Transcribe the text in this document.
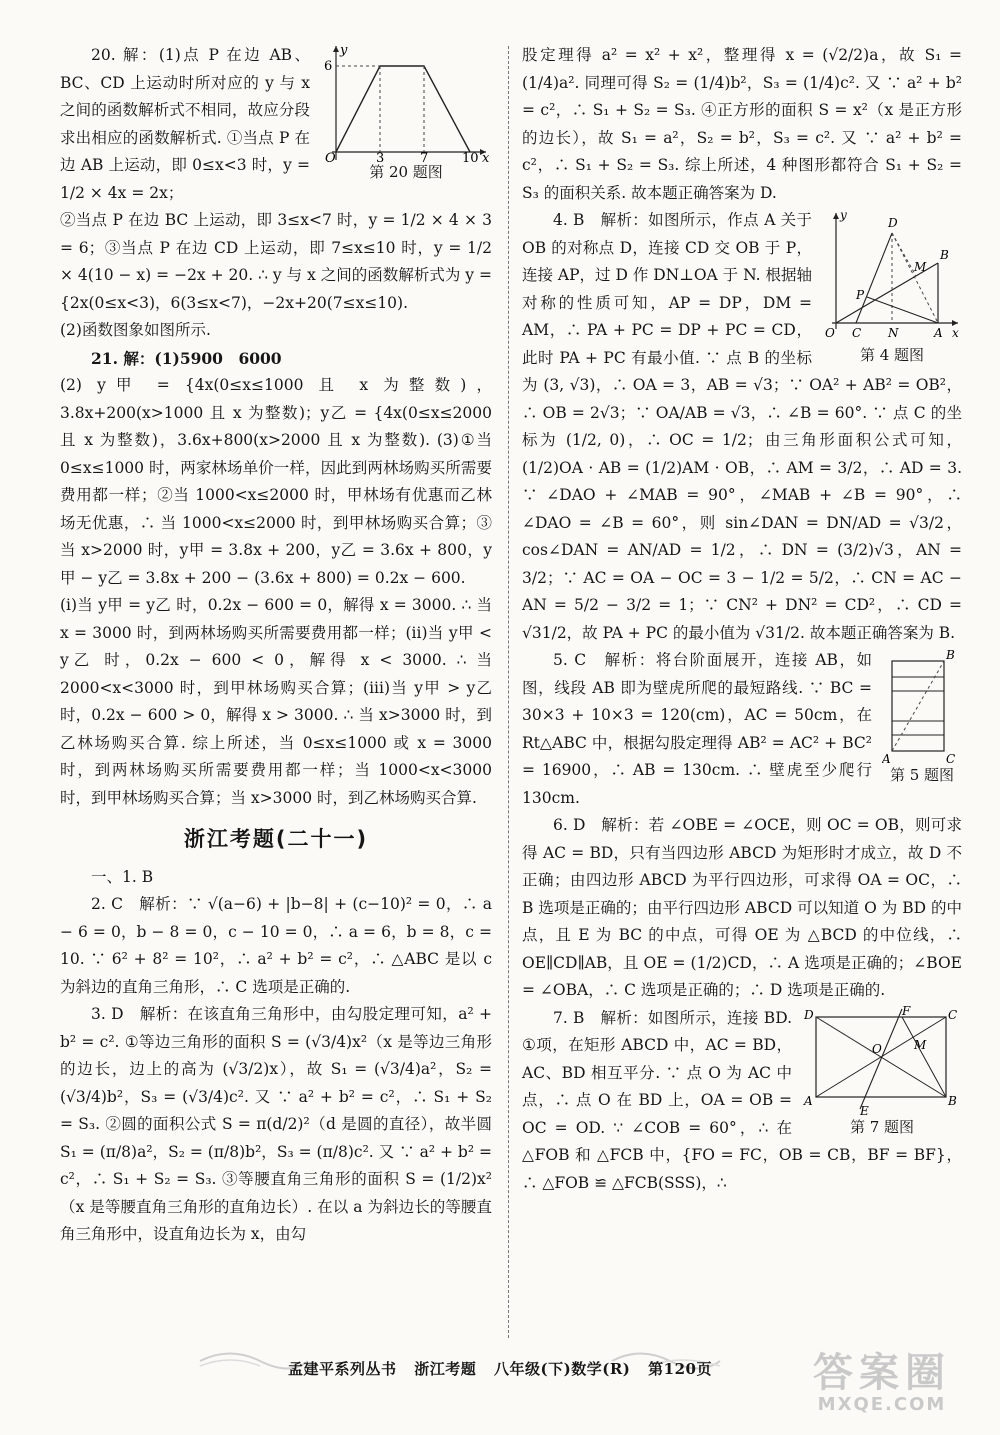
6
y
O	3	7	10 x
第 20 题图

20. 解：(1)点 P 在边 AB、BC、CD 上运动时所对应的 y 与 x 之间的函数解析式不相同，故应分段求出相应的函数解析式. ①当点 P 在边 AB 上运动，即 0≤x<3 时，y = 1/2 × 4x = 2x；

②当点 P 在边 BC 上运动，即 3≤x<7 时，y = 1/2 × 4 × 3 = 6；③当点 P 在边 CD 上运动，即 7≤x≤10 时，y = 1/2 × 4(10 − x) = −2x + 20. ∴ y 与 x 之间的函数解析式为 y = {2x(0≤x<3)，6(3≤x<7)，−2x+20(7≤x≤10).

(2)函数图象如图所示.

21. 解：(1)5900　6000

(2) y甲 = {4x(0≤x≤1000 且 x 为整数)，3.8x+200(x>1000 且 x 为整数)；y乙 = {4x(0≤x≤2000 且 x 为整数)，3.6x+800(x>2000 且 x 为整数). (3)①当 0≤x≤1000 时，两家林场单价一样，因此到两林场购买所需要费用都一样；②当 1000<x≤2000 时，甲林场有优惠而乙林场无优惠，∴ 当 1000<x≤2000 时，到甲林场购买合算；③当 x>2000 时，y甲 = 3.8x + 200，y乙 = 3.6x + 800，y甲 − y乙 = 3.8x + 200 − (3.6x + 800) = 0.2x − 600.

(i)当 y甲 = y乙 时，0.2x − 600 = 0，解得 x = 3000. ∴ 当 x = 3000 时，到两林场购买所需要费用都一样；(ii)当 y甲 < y乙 时，0.2x − 600 < 0，解得 x < 3000. ∴ 当 2000<x<3000 时，到甲林场购买合算；(iii)当 y甲 > y乙 时，0.2x − 600 > 0，解得 x > 3000. ∴ 当 x>3000 时，到乙林场购买合算. 综上所述，当 0≤x≤1000 或 x = 3000 时，到两林场购买所需要费用都一样；当 1000<x<3000 时，到甲林场购买合算；当 x>3000 时，到乙林场购买合算.

浙江考题(二十一)

一、1. B

2. C　解析：∵ √(a−6) + |b−8| + (c−10)² = 0，∴ a − 6 = 0，b − 8 = 0，c − 10 = 0，∴ a = 6，b = 8，c = 10. ∵ 6² + 8² = 10²，∴ a² + b² = c²，∴ △ABC 是以 c 为斜边的直角三角形，∴ C 选项是正确的.

3. D　解析：在该直角三角形中，由勾股定理可知，a² + b² = c². ①等边三角形的面积 S = (√3/4)x²（x 是等边三角形的边长，边上的高为 (√3/2)x），故 S₁ = (√3/4)a²，S₂ = (√3/4)b²，S₃ = (√3/4)c². 又 ∵ a² + b² = c²，∴ S₁ + S₂ = S₃. ②圆的面积公式 S = π(d/2)²（d 是圆的直径），故半圆 S₁ = (π/8)a²，S₂ = (π/8)b²，S₃ = (π/8)c². 又 ∵ a² + b² = c²，∴ S₁ + S₂ = S₃. ③等腰直角三角形的面积 S = (1/2)x²（x 是等腰直角三角形的直角边长）. 在以 a 为斜边长的等腰直角三角形中，设直角边长为 x，由勾

股定理得 a² = x² + x²，整理得 x = (√2/2)a，故 S₁ = (1/4)a². 同理可得 S₂ = (1/4)b²，S₃ = (1/4)c². 又 ∵ a² + b² = c²，∴ S₁ + S₂ = S₃. ④正方形的面积 S = x²（x 是正方形的边长），故 S₁ = a²，S₂ = b²，S₃ = c². 又 ∵ a² + b² = c²，∴ S₁ + S₂ = S₃. 综上所述，4 种图形都符合 S₁ + S₂ = S₃ 的面积关系. 故本题正确答案为 D.

y
D
B
M
P
O C N	A x
第 4 题图

4. B　解析：如图所示，作点 A 关于 OB 的对称点 D，连接 CD 交 OB 于 P，连接 AP，过 D 作 DN⊥OA 于 N. 根据轴对称的性质可知，AP = DP，DM = AM，∴ PA + PC = DP + PC = CD，此时 PA + PC 有最小值. ∵ 点 B 的坐标为 (3, √3)，∴ OA = 3，AB = √3；∵ OA² + AB² = OB²，∴ OB = 2√3；∵ OA/AB = √3，∴ ∠B = 60°. ∵ 点 C 的坐标为 (1/2, 0)，∴ OC = 1/2；由三角形面积公式可知，(1/2)OA · AB = (1/2)AM · OB，∴ AM = 3/2，∴ AD = 3. ∵ ∠DAO + ∠MAB = 90°，∠MAB + ∠B = 90°，∴ ∠DAO = ∠B = 60°，则 sin∠DAN = DN/AD = √3/2，cos∠DAN = AN/AD = 1/2，∴ DN = (3/2)√3，AN = 3/2；∵ AC = OA − OC = 3 − 1/2 = 5/2，∴ CN = AC − AN = 5/2 − 3/2 = 1；∵ CN² + DN² = CD²，∴ CD = √31/2，故 PA + PC 的最小值为 √31/2. 故本题正确答案为 B.

B
A	C
第 5 题图

5. C　解析：将台阶面展开，连接 AB，如图，线段 AB 即为壁虎所爬的最短路线. ∵ BC = 30×3 + 10×3 = 120(cm)，AC = 50cm，在 Rt△ABC 中，根据勾股定理得 AB² = AC² + BC² = 16900，∴ AB = 130cm. ∴ 壁虎至少爬行 130cm.

6. D　解析：若 ∠OBE = ∠OCE，则 OC = OB，则可求得 AC = BD，只有当四边形 ABCD 为矩形时才成立，故 D 不正确；由四边形 ABCD 为平行四边形，可求得 OA = OC，∴ B 选项是正确的；由平行四边形 ABCD 可以知道 O 为 BD 的中点，且 E 为 BC 的中点，可得 OE 为 △BCD 的中位线，∴ OE∥CD∥AB，且 OE = (1/2)CD，∴ A 选项是正确的；∠BOE = ∠OBA，∴ C 选项是正确的；∴ D 选项是正确的.

D	F	C
O	M
A
E
B
第 7 题图

7. B　解析：如图所示，连接 BD. ①项，在矩形 ABCD 中，AC = BD，AC、BD 相互平分. ∵ 点 O 为 AC 中点，∴ 点 O 在 BD 上，OA = OB = OC = OD. ∵ ∠COB = 60°，∴ 在 △FOB 和 △FCB 中，{FO = FC，OB = CB，BF = BF}，∴ △FOB ≌ △FCB(SSS)，∴

孟建平系列丛书 浙江考题 八年级(下)数学(R) 第120页	答案圈
MXQE.COM
